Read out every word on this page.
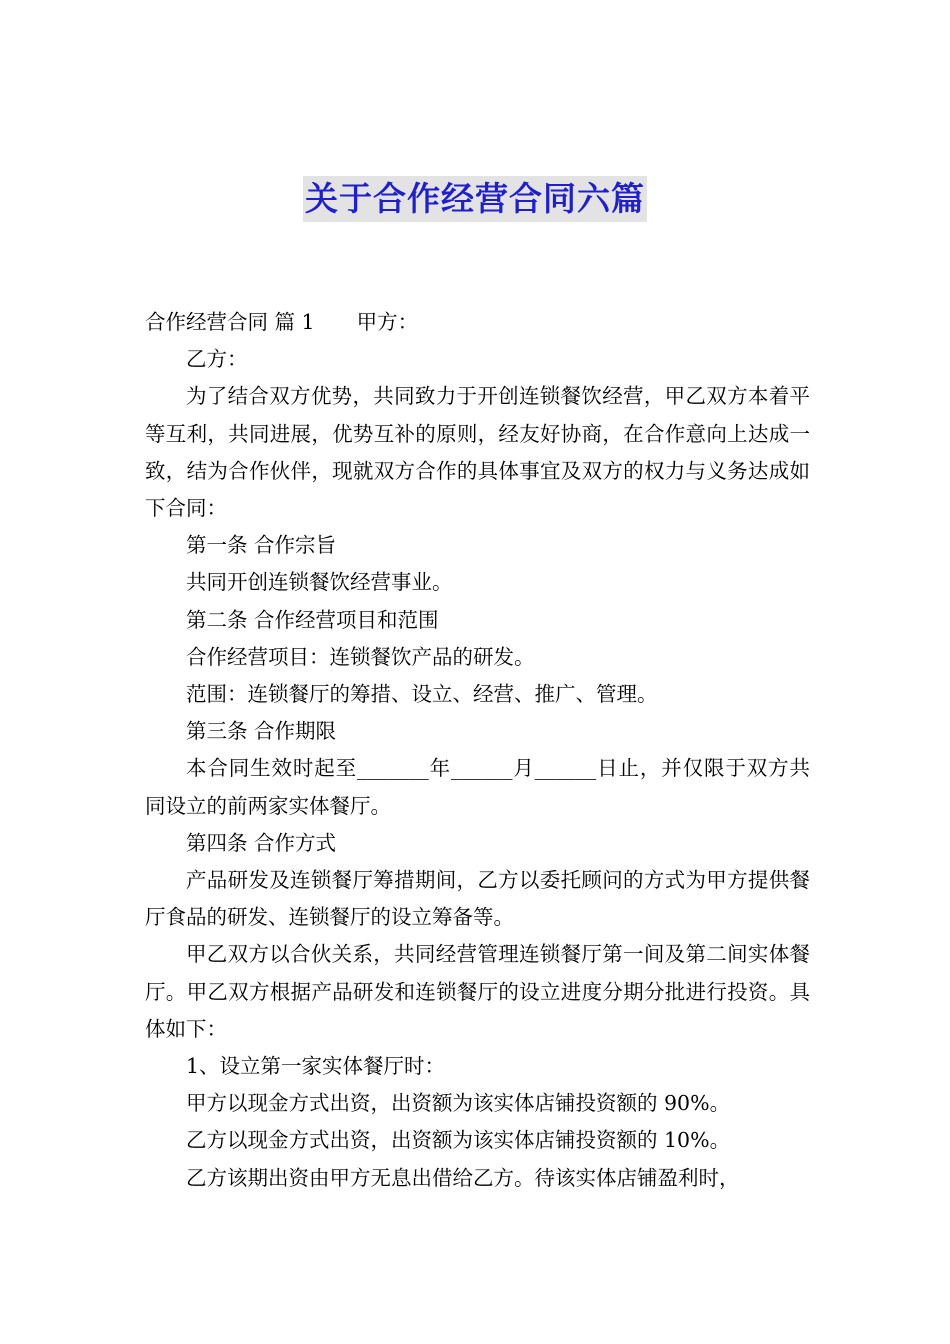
关于合作经营合同六篇

合作经营合同 篇 1 甲方：

乙方：

为了结合双方优势，共同致力于开创连锁餐饮经营，甲乙双方本着平等互利，共同进展，优势互补的原则，经友好协商，在合作意向上达成一致，结为合作伙伴，现就双方合作的具体事宜及双方的权力与义务达成如下合同：

第一条 合作宗旨

共同开创连锁餐饮经营事业。

第二条 合作经营项目和范围

合作经营项目：连锁餐饮产品的研发。

范围：连锁餐厅的筹措、设立、经营、推广、管理。

第三条 合作期限

本合同生效时起至_______年______月______日止，并仅限于双方共同设立的前两家实体餐厅。

第四条 合作方式

产品研发及连锁餐厅筹措期间，乙方以委托顾问的方式为甲方提供餐厅食品的研发、连锁餐厅的设立筹备等。

甲乙双方以合伙关系，共同经营管理连锁餐厅第一间及第二间实体餐厅。甲乙双方根据产品研发和连锁餐厅的设立进度分期分批进行投资。具体如下：

1、设立第一家实体餐厅时：

甲方以现金方式出资，出资额为该实体店铺投资额的 90%。

乙方以现金方式出资，出资额为该实体店铺投资额的 10%。

乙方该期出资由甲方无息出借给乙方。待该实体店铺盈利时，
